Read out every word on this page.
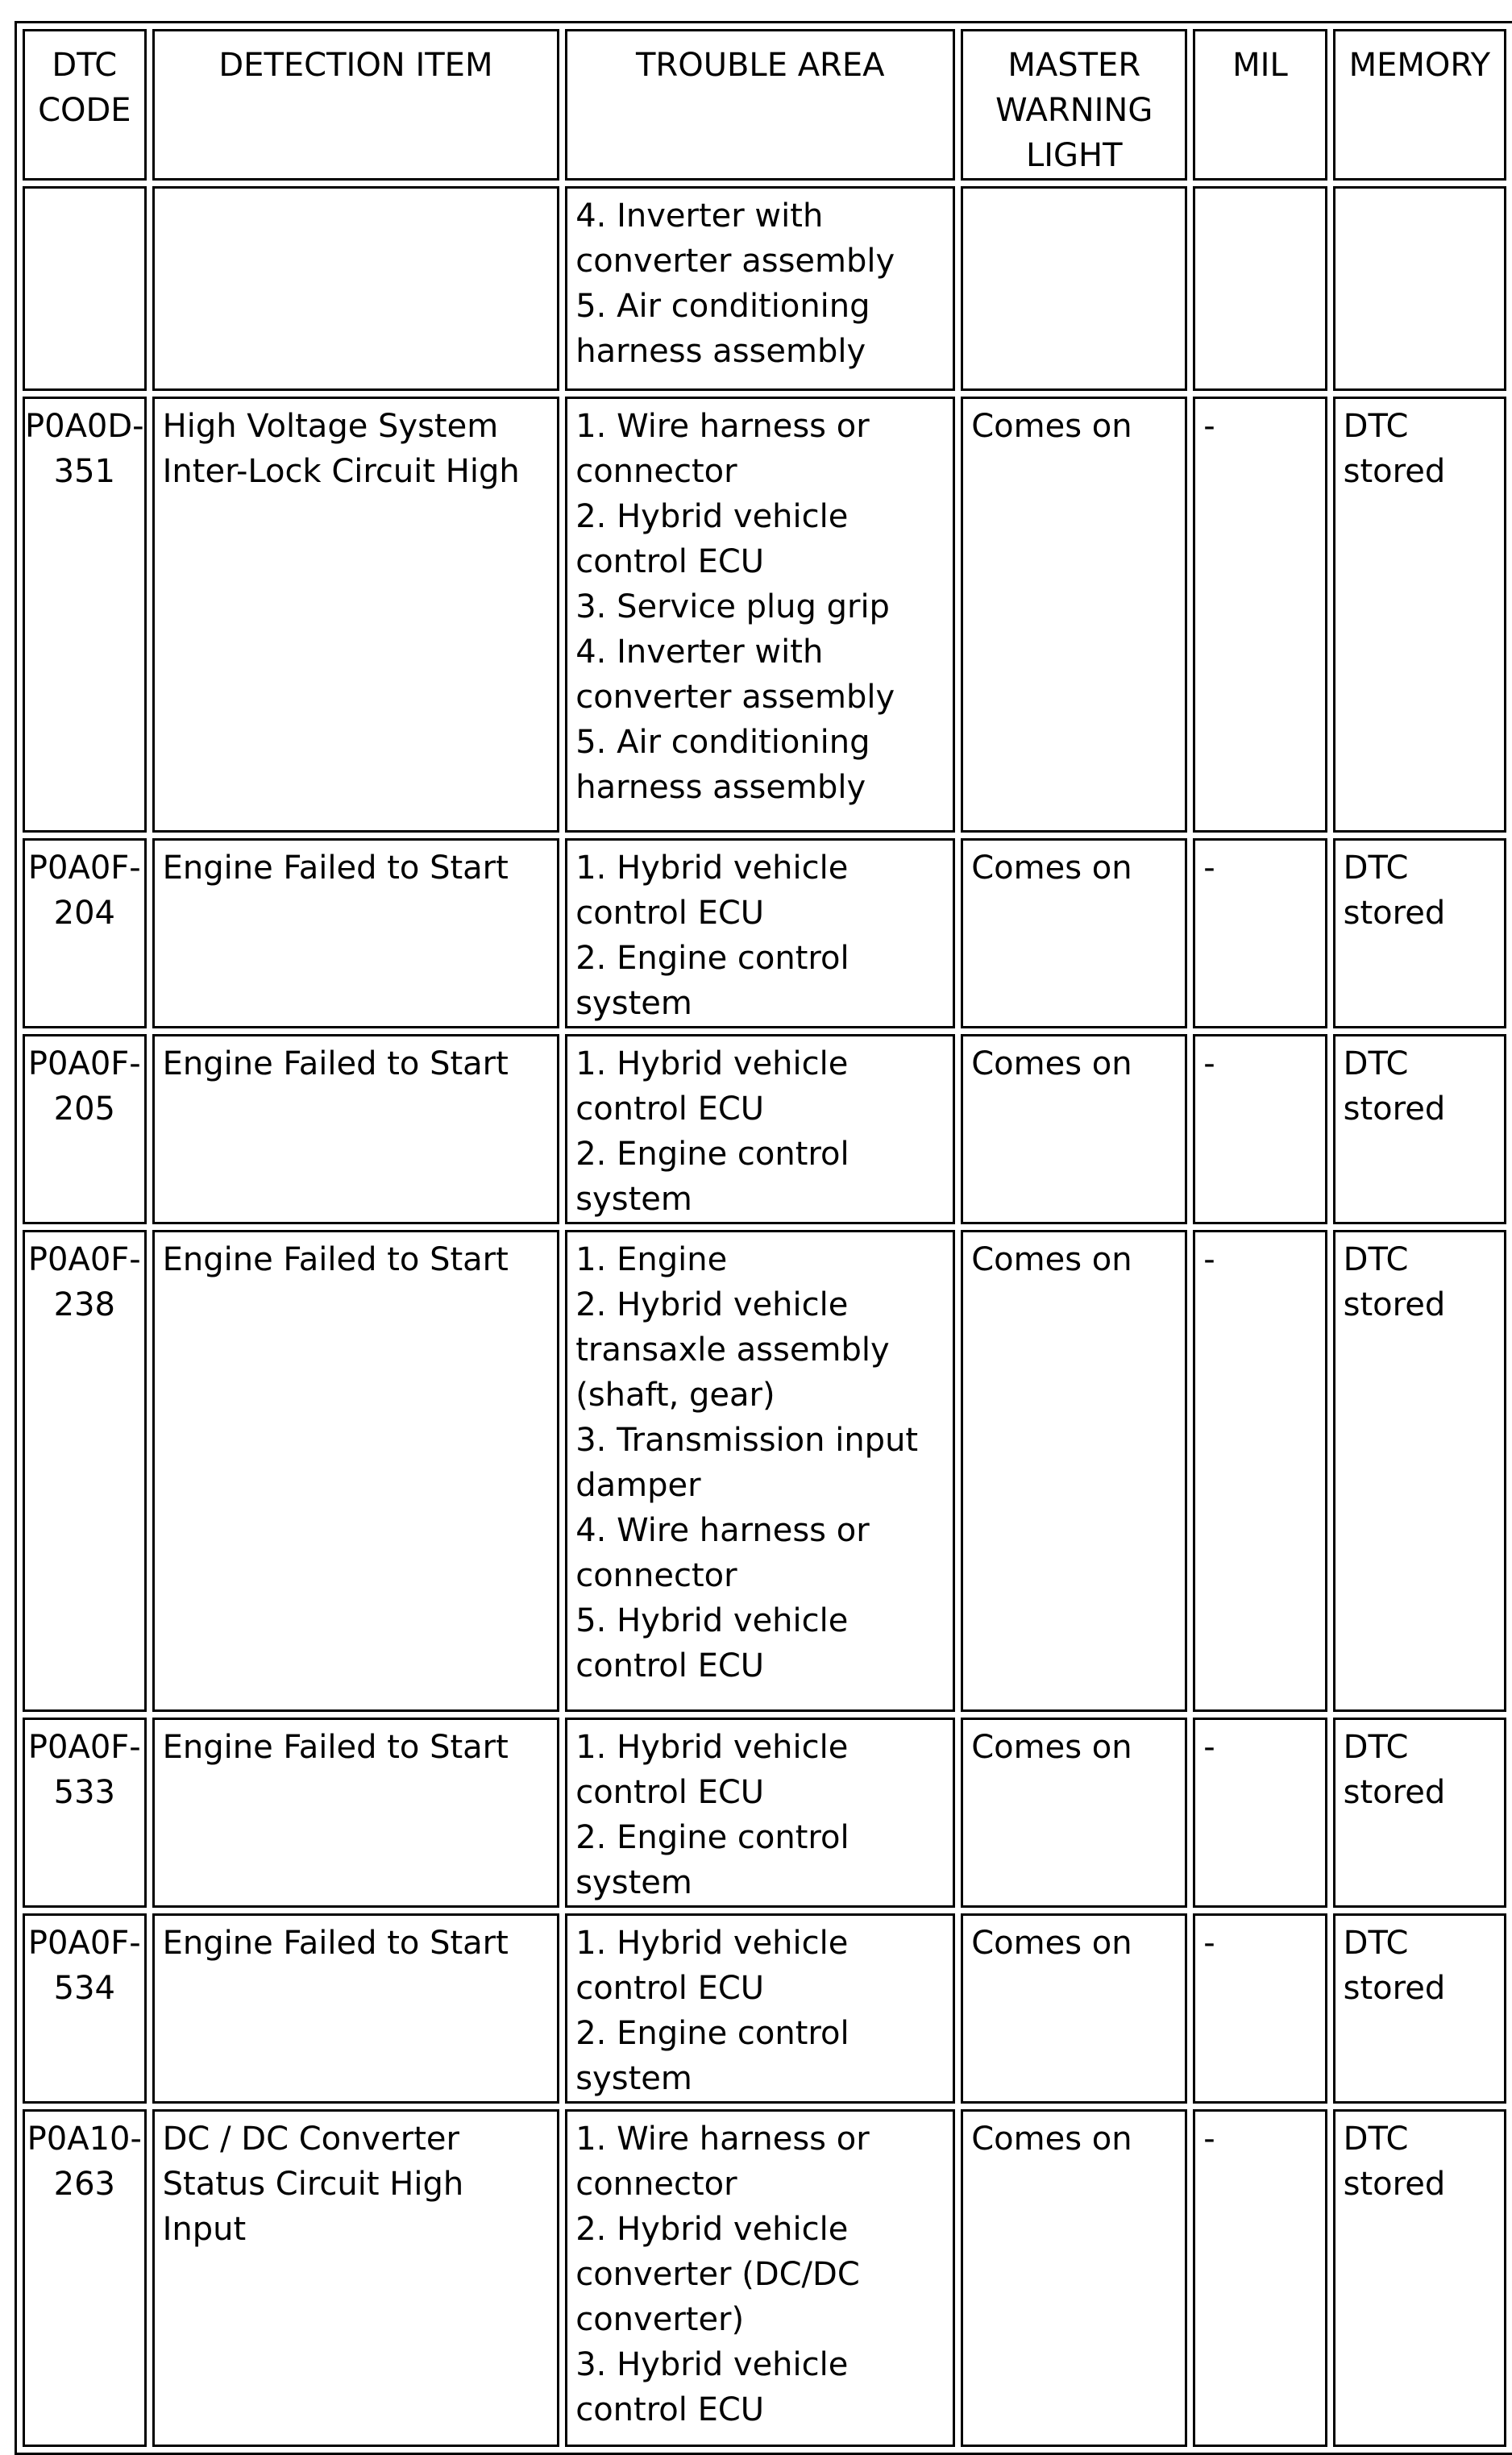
DTC
CODE	DETECTION ITEM	TROUBLE AREA	MASTER
WARNING
LIGHT	MIL	MEMORY

		4. Inverter with converter assembly
5. Air conditioning harness assembly			

P0A0D-
351	High Voltage System Inter-Lock Circuit High	1. Wire harness or connector
2. Hybrid vehicle control ECU
3. Service plug grip
4. Inverter with converter assembly
5. Air conditioning harness assembly	Comes on	-	DTC stored

P0A0F-
204	Engine Failed to Start	1. Hybrid vehicle control ECU
2. Engine control system	Comes on	-	DTC stored

P0A0F-
205	Engine Failed to Start	1. Hybrid vehicle control ECU
2. Engine control system	Comes on	-	DTC stored

P0A0F-
238	Engine Failed to Start	1. Engine
2. Hybrid vehicle transaxle assembly (shaft, gear)
3. Transmission input damper
4. Wire harness or connector
5. Hybrid vehicle control ECU	Comes on	-	DTC stored

P0A0F-
533	Engine Failed to Start	1. Hybrid vehicle control ECU
2. Engine control system	Comes on	-	DTC stored

P0A0F-
534	Engine Failed to Start	1. Hybrid vehicle control ECU
2. Engine control system	Comes on	-	DTC stored

P0A10-
263	DC / DC Converter Status Circuit High Input	1. Wire harness or connector
2. Hybrid vehicle converter (DC/DC converter)
3. Hybrid vehicle control ECU	Comes on	-	DTC stored
